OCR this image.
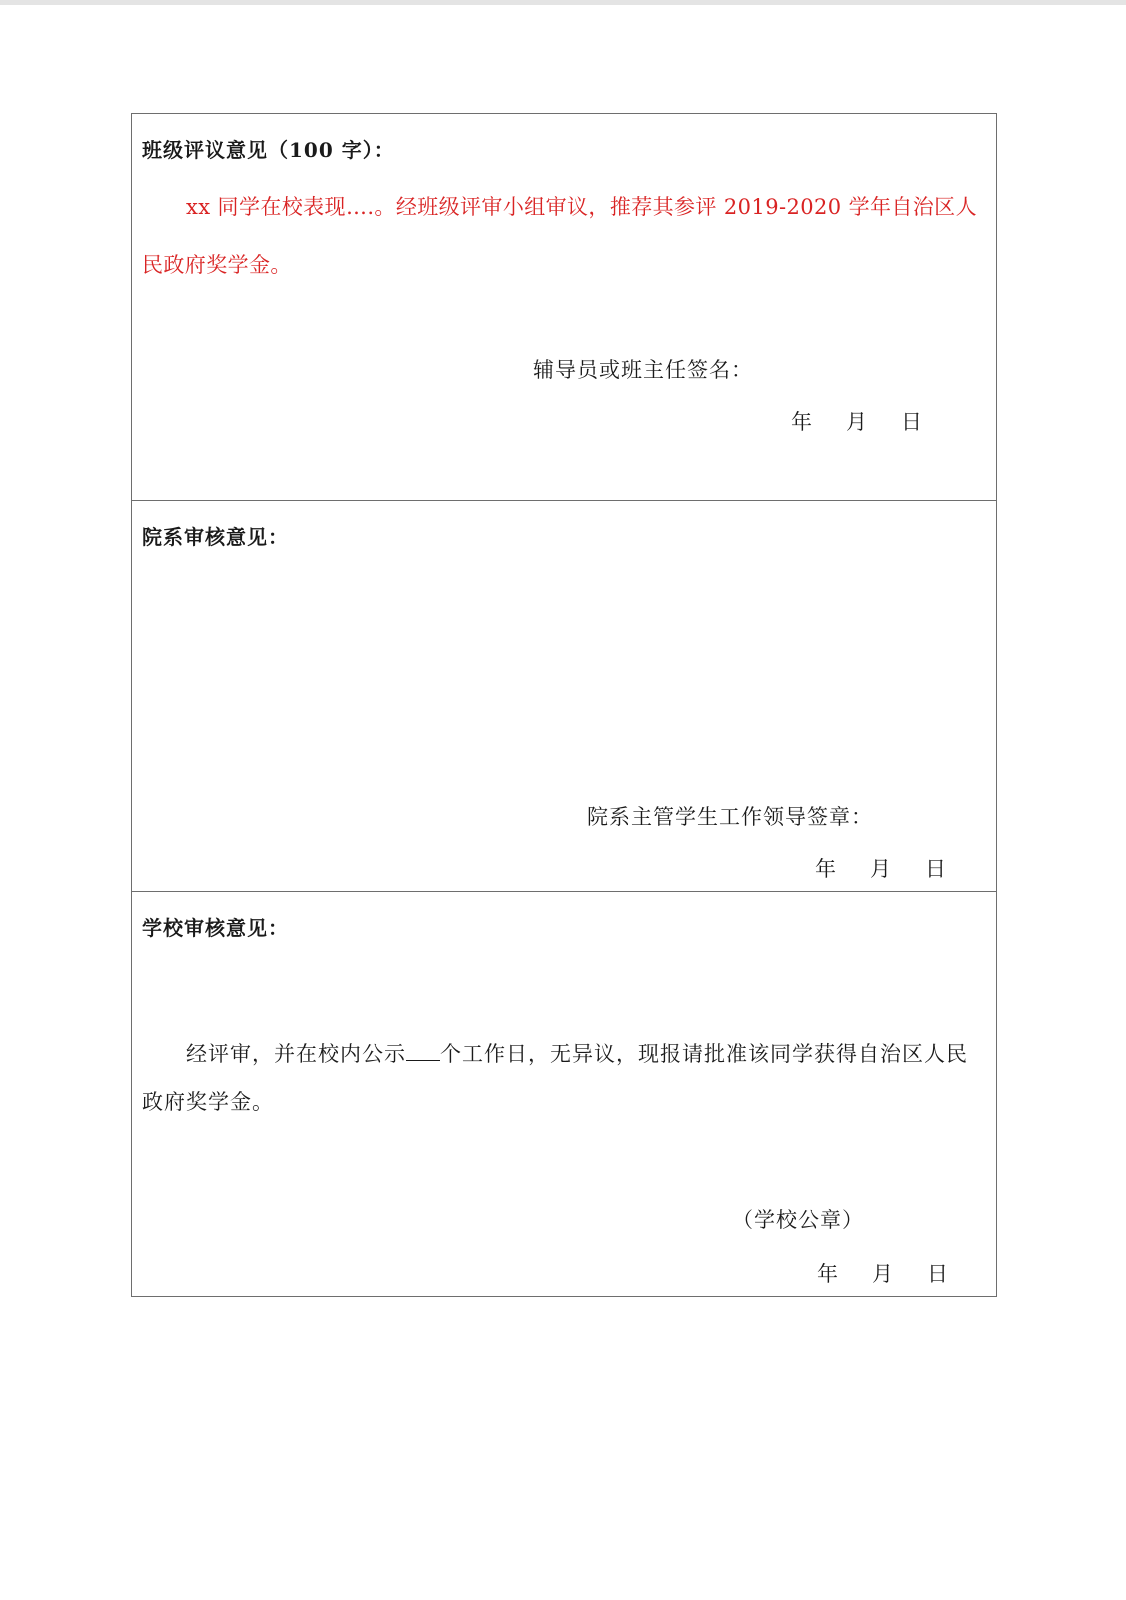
班级评议意见（100 字）：
xx 同学在校表现….。经班级评审小组审议，推荐其参评 2019-2020 学年自治区人民政府奖学金。
辅导员或班主任签名：
年 月 日
院系审核意见：
院系主管学生工作领导签章：
年 月 日
学校审核意见：
经评审，并在校内公示 个工作日，无异议，现报请批准该同学获得自治区人民政府奖学金。
（学校公章）
年 月 日
